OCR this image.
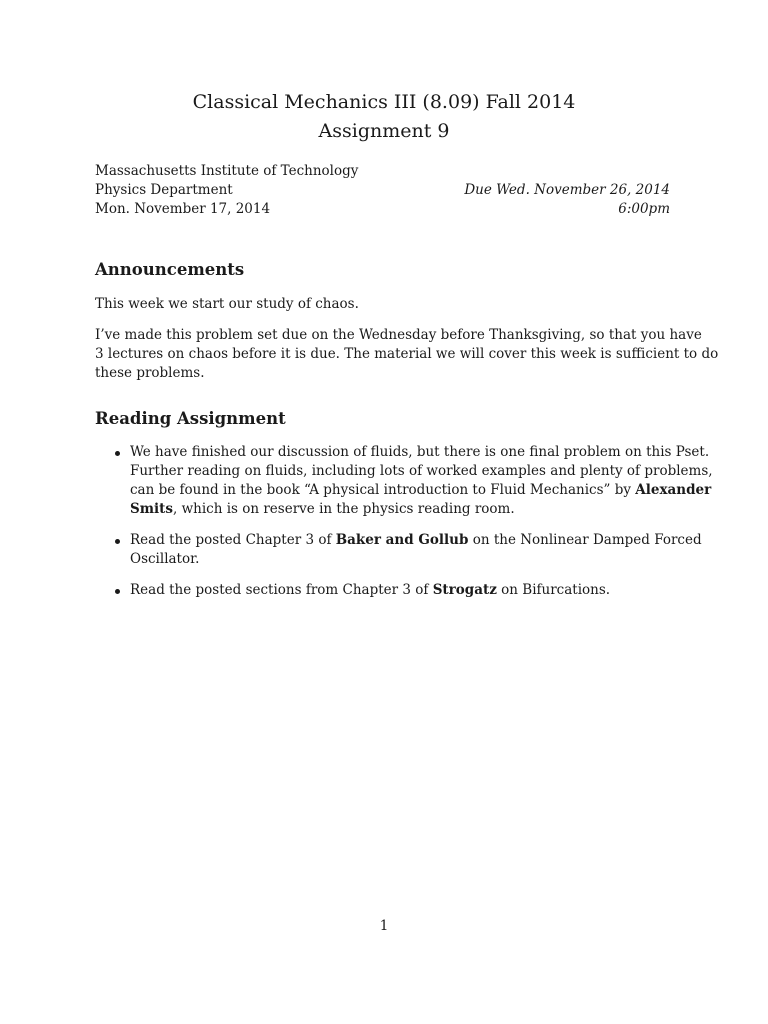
Classical Mechanics III (8.09) Fall 2014
Assignment 9
Massachusetts Institute of Technology
Physics Department
Mon. November 17, 2014
Due Wed. November 26, 2014
6:00pm
Announcements

This week we start our study of chaos.

I’ve made this problem set due on the Wednesday before Thanksgiving, so that you have
3 lectures on chaos before it is due. The material we will cover this week is sufficient to do
these problems.

Reading Assignment
We have finished our discussion of fluids, but there is one final problem on this Pset.
Further reading on fluids, including lots of worked examples and plenty of problems,
can be found in the book “A physical introduction to Fluid Mechanics” by Alexander
Smits, which is on reserve in the physics reading room.
Read the posted Chapter 3 of Baker and Gollub on the Nonlinear Damped Forced
Oscillator.
Read the posted sections from Chapter 3 of Strogatz on Bifurcations.
1
